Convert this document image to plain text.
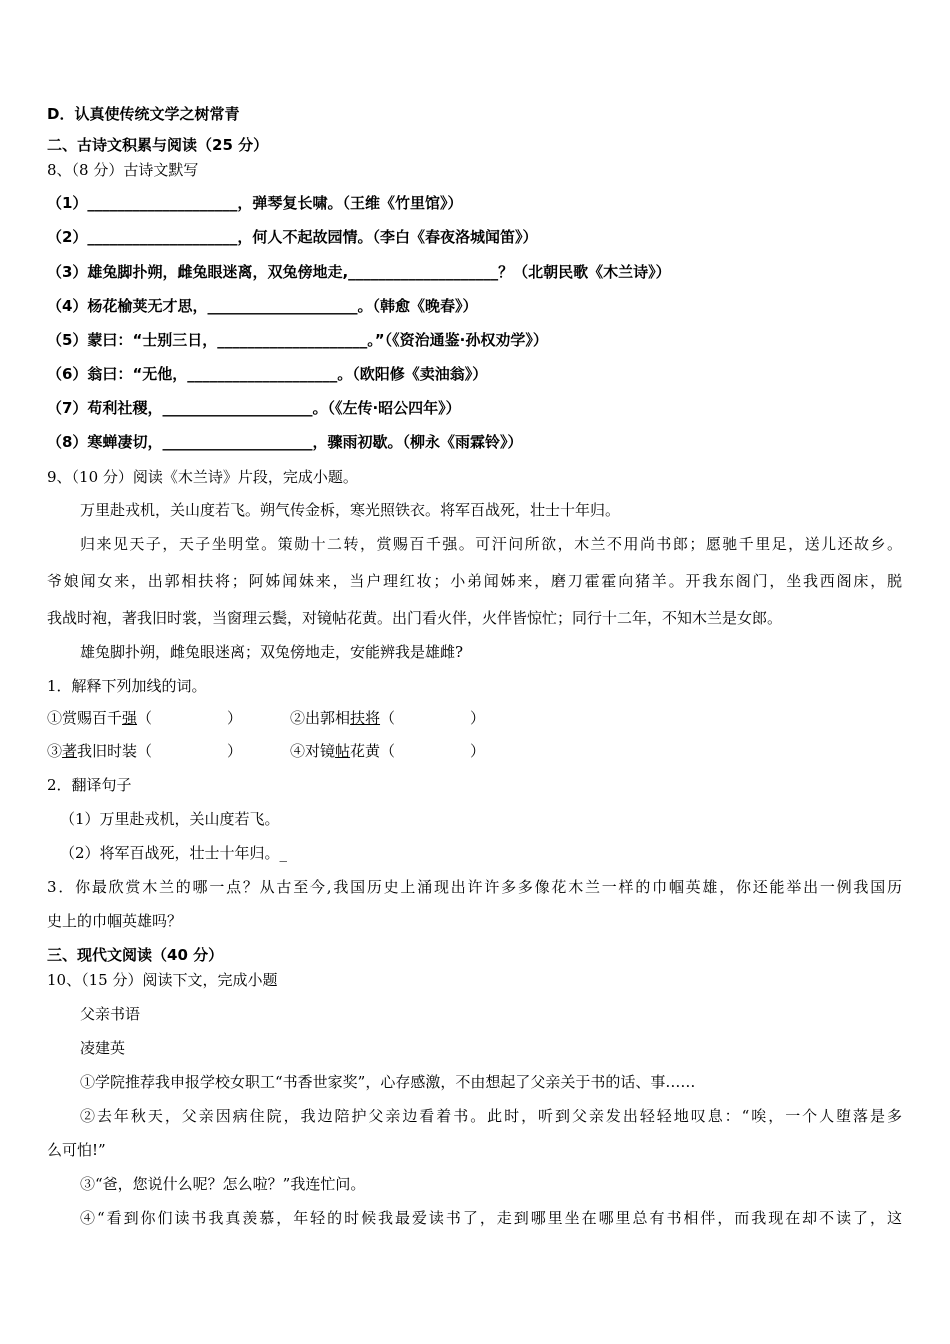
D．认真使传统文学之树常青
二、古诗文积累与阅读（25 分）
8、（8 分）古诗文默写
（1）____________________，弹琴复长啸。（王维《竹里馆》）
（2）____________________，何人不起故园情。（李白《春夜洛城闻笛》）
（3）雄兔脚扑朔，雌兔眼迷离，双兔傍地走,____________________？（北朝民歌《木兰诗》）
（4）杨花榆荚无才思，____________________。（韩愈《晚春》）
（5）蒙曰：“士别三日，____________________。”（《资治通鉴·孙权劝学》）
（6）翁曰：“无他，____________________。（欧阳修《卖油翁》）
（7）苟利社稷，____________________。（《左传·昭公四年》）
（8）寒蝉凄切，____________________，骤雨初歇。（柳永《雨霖铃》）
9、（10 分）阅读《木兰诗》片段，完成小题。
万里赴戎机，关山度若飞。朔气传金柝，寒光照铁衣。将军百战死，壮士十年归。
归来见天子，天子坐明堂。策勋十二转，赏赐百千强。可汗问所欲，木兰不用尚书郎；愿驰千里足，送儿还故乡。
爷娘闻女来，出郭相扶将；阿姊闻妹来，当户理红妆；小弟闻姊来，磨刀霍霍向猪羊。开我东阁门，坐我西阁床，脱
我战时袍，著我旧时裳，当窗理云鬓，对镜帖花黄。出门看火伴，火伴皆惊忙；同行十二年，不知木兰是女郎。
雄兔脚扑朔，雌兔眼迷离；双兔傍地走，安能辨我是雄雌?
1．解释下列加线的词。
①赏赐百千强（　　　　　）	②出郭相扶将（　　　　　）
③著我旧时装（　　　　　）	④对镜帖花黄（　　　　　）
2．翻译句子
（1）万里赴戎机，关山度若飞。
（2）将军百战死，壮士十年归。_
3．你最欣赏木兰的哪一点？从古至今,我国历史上涌现出许许多多像花木兰一样的巾帼英雄，你还能举出一例我国历
史上的巾帼英雄吗？
三、现代文阅读（40 分）
10、（15 分）阅读下文，完成小题
父亲书语
凌建英
①学院推荐我申报学校女职工“书香世家奖”，心存感激，不由想起了父亲关于书的话、事……
②去年秋天，父亲因病住院，我边陪护父亲边看着书。此时，听到父亲发出轻轻地叹息：“唉，一个人堕落是多
么可怕!”
③“爸，您说什么呢？怎么啦？”我连忙问。
④“看到你们读书我真羡慕，年轻的时候我最爱读书了，走到哪里坐在哪里总有书相伴，而我现在却不读了，这
